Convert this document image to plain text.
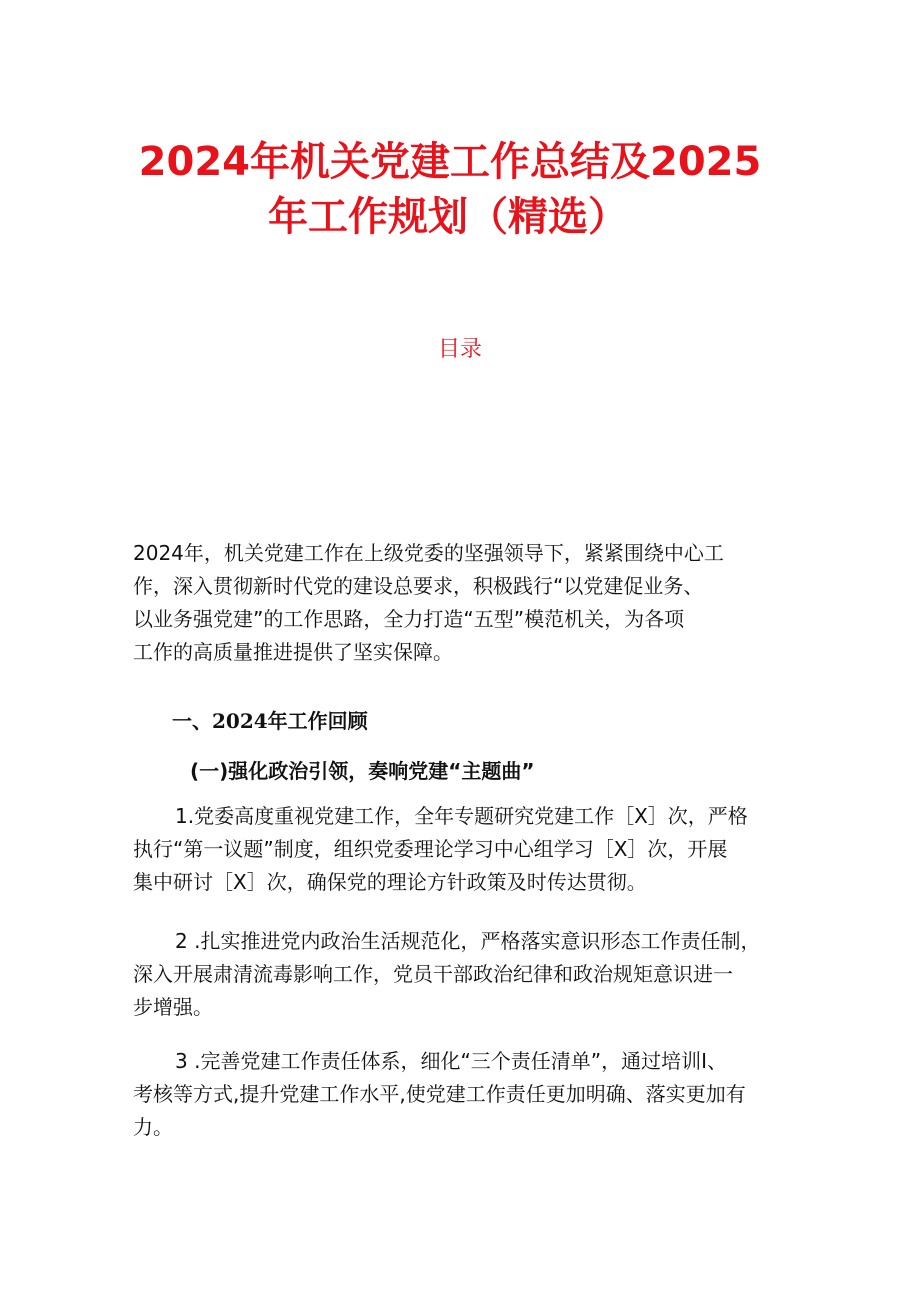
2024年机关党建工作总结及2025
年工作规划（精选）
目录
2024年，机关党建工作在上级党委的坚强领导下，紧紧围绕中心工
作，深入贯彻新时代党的建设总要求，积极践行“以党建促业务、
以业务强党建”的工作思路，全力打造“五型”模范机关，为各项
工作的高质量推进提供了坚实保障。
一、2024年工作回顾
(一)强化政治引领，奏响党建“主题曲”
1.党委高度重视党建工作，全年专题研究党建工作［X］次，严格
执行“第一议题”制度，组织党委理论学习中心组学习［X］次，开展
集中研讨［X］次，确保党的理论方针政策及时传达贯彻。
2 .扎实推进党内政治生活规范化，严格落实意识形态工作责任制，
深入开展肃清流毒影响工作，党员干部政治纪律和政治规矩意识进一
步增强。
3 .完善党建工作责任体系，细化“三个责任清单”，通过培训I、
考核等方式,提升党建工作水平,使党建工作责任更加明确、落实更加有
力。
